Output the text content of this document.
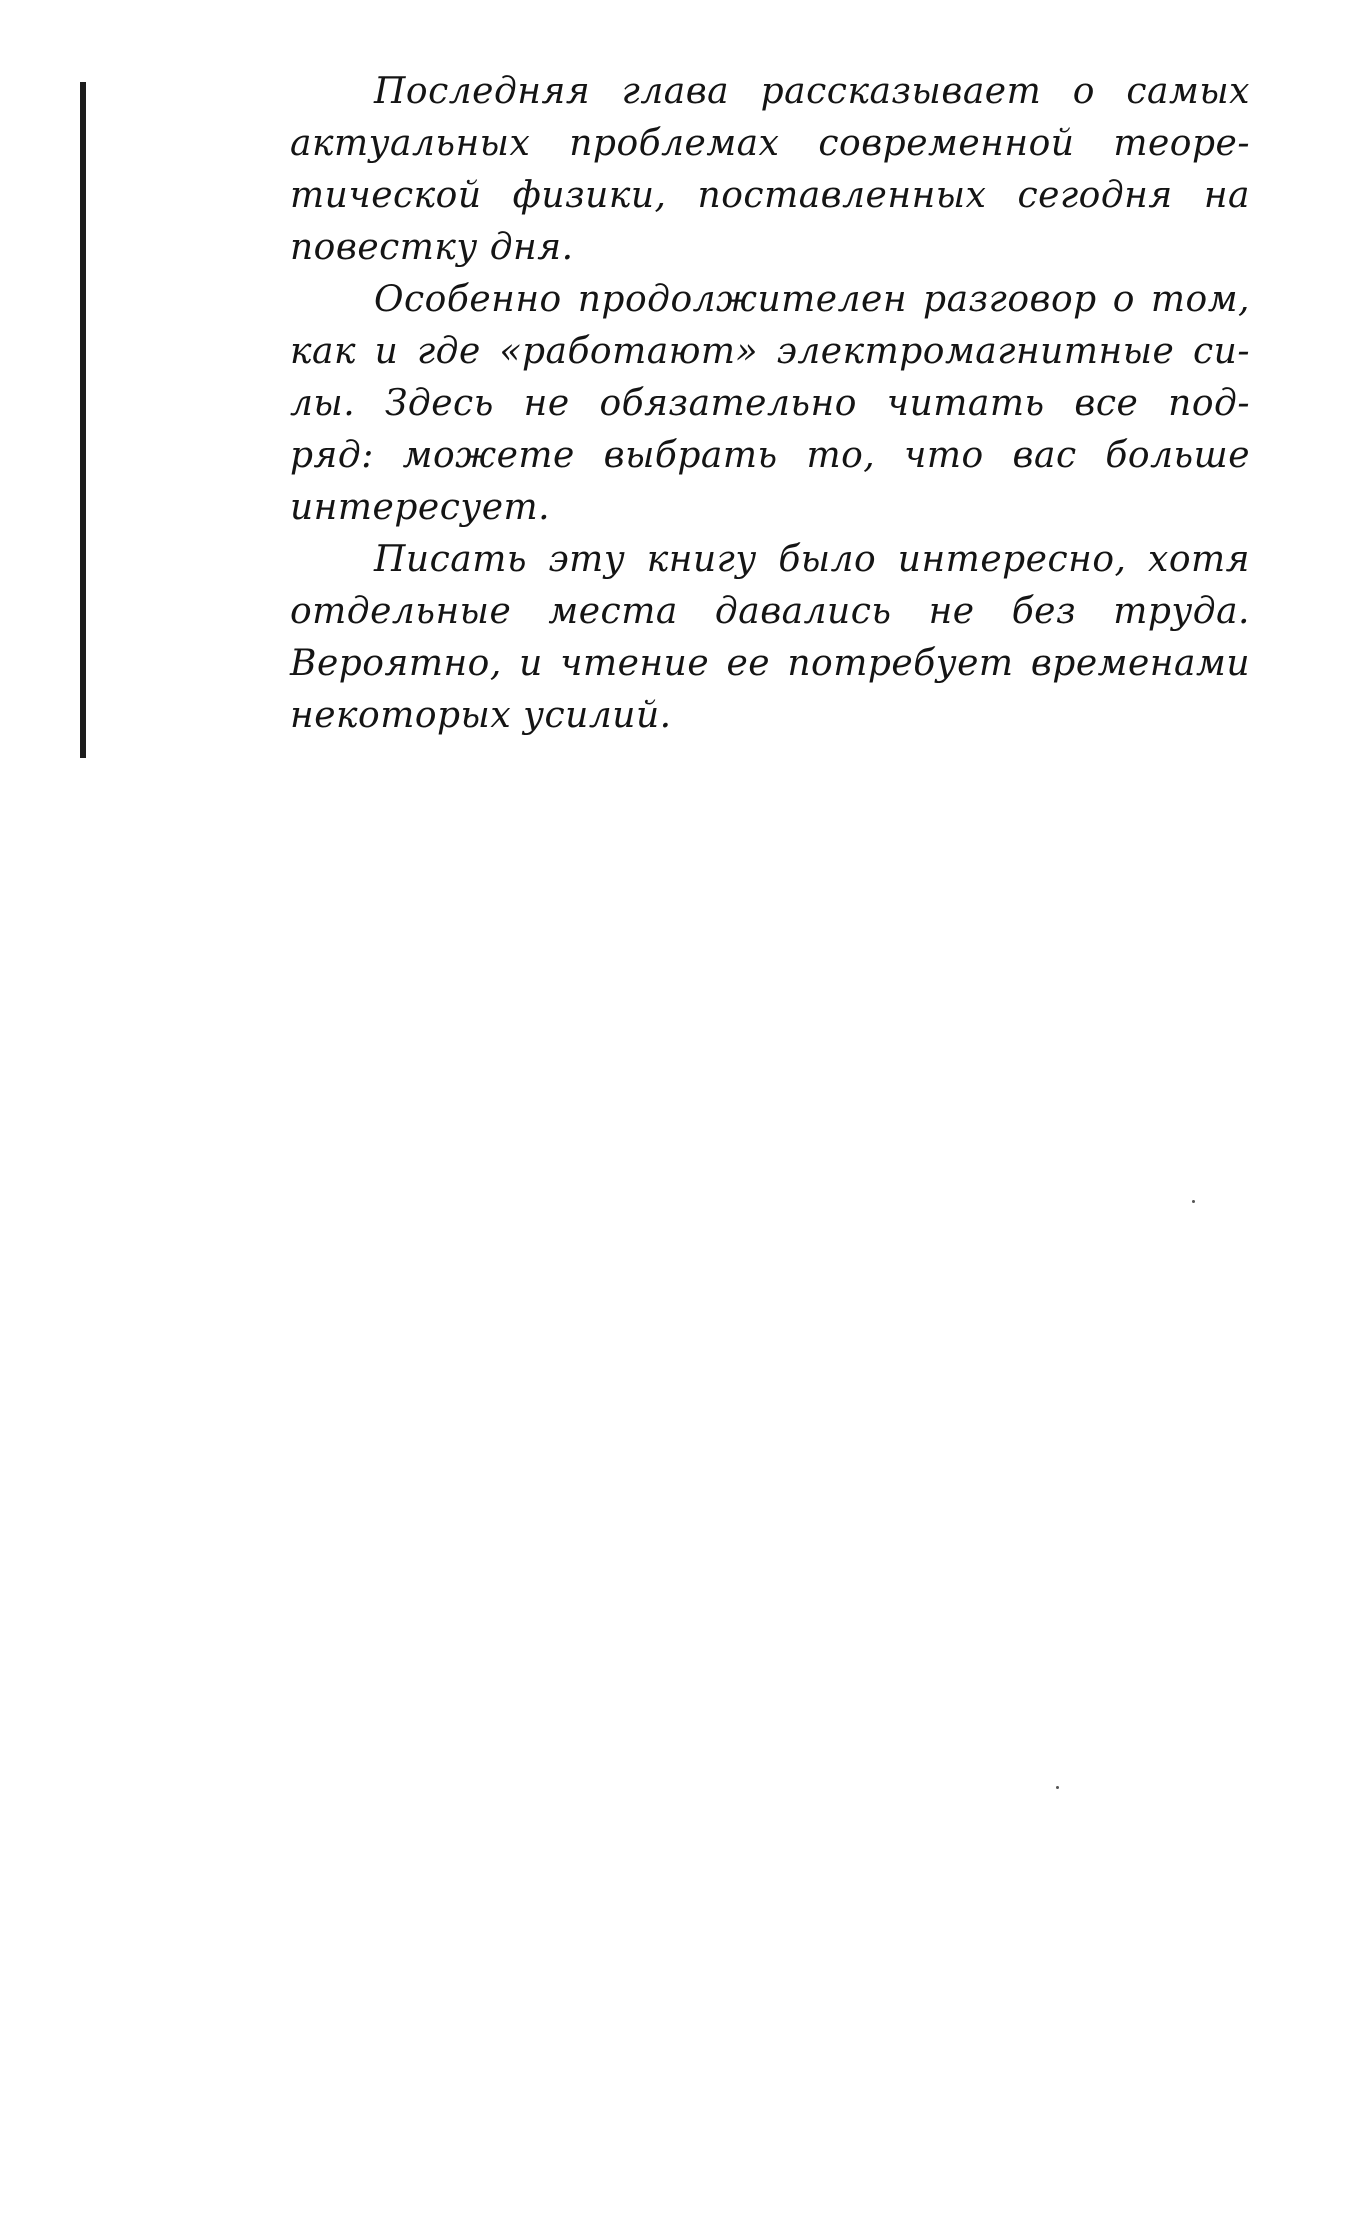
Последняя глава рассказывает о самых
актуальных проблемах современной теоре-
тической физики, поставленных сегодня на
повестку дня.
Особенно продолжителен разговор о том,
как и где «работают» электромагнитные си-
лы. Здесь не обязательно читать все под-
ряд: можете выбрать то, что вас больше
интересует.
Писать эту книгу было интересно, хотя
отдельные места давались не без труда.
Вероятно, и чтение ее потребует временами
некоторых усилий.
